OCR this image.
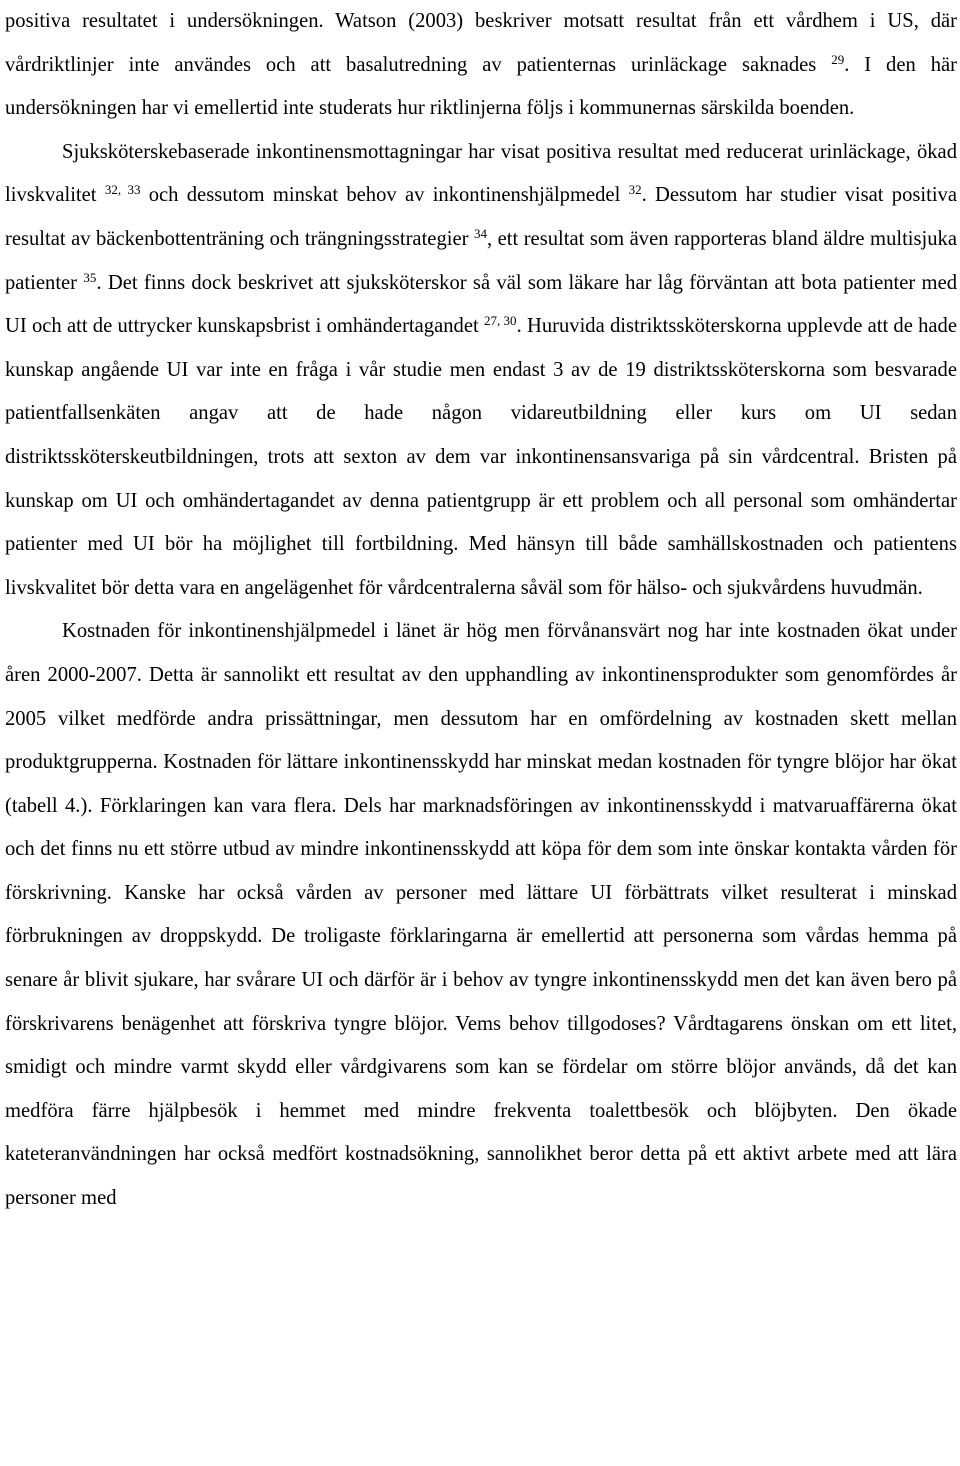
positiva resultatet i undersökningen. Watson (2003) beskriver motsatt resultat från ett vårdhem i US, där vårdriktlinjer inte användes och att basalutredning av patienternas urinläckage saknades $^{29}$. I den här undersökningen har vi emellertid inte studerats hur riktlinjerna följs i kommunernas särskilda boenden.

Sjuksköterskebaserade inkontinensmottagningar har visat positiva resultat med reducerat urinläckage, ökad livskvalitet $^{32, 33}$ och dessutom minskat behov av inkontinenshjälpmedel $^{32}$. Dessutom har studier visat positiva resultat av bäckenbottenträning och trängningsstrategier $^{34}$, ett resultat som även rapporteras bland äldre multisjuka patienter $^{35}$. Det finns dock beskrivet att sjuksköterskor så väl som läkare har låg förväntan att bota patienter med UI och att de uttrycker kunskapsbrist i omhändertagandet $^{27, 30}$. Huruvida distriktssköterskorna upplevde att de hade kunskap angående UI var inte en fråga i vår studie men endast 3 av de 19 distriktssköterskorna som besvarade patientfallsenkäten angav att de hade någon vidareutbildning eller kurs om UI sedan distriktssköterskeutbildningen, trots att sexton av dem var inkontinensansvariga på sin vårdcentral. Bristen på kunskap om UI och omhändertagandet av denna patientgrupp är ett problem och all personal som omhändertar patienter med UI bör ha möjlighet till fortbildning. Med hänsyn till både samhällskostnaden och patientens livskvalitet bör detta vara en angelägenhet för vårdcentralerna såväl som för hälso- och sjukvårdens huvudmän.

Kostnaden för inkontinenshjälpmedel i länet är hög men förvånansvärt nog har inte kostnaden ökat under åren 2000-2007. Detta är sannolikt ett resultat av den upphandling av inkontinensprodukter som genomfördes år 2005 vilket medförde andra prissättningar, men dessutom har en omfördelning av kostnaden skett mellan produktgrupperna. Kostnaden för lättare inkontinensskydd har minskat medan kostnaden för tyngre blöjor har ökat (tabell 4.). Förklaringen kan vara flera. Dels har marknadsföringen av inkontinensskydd i matvaruaffärerna ökat och det finns nu ett större utbud av mindre inkontinensskydd att köpa för dem som inte önskar kontakta vården för förskrivning. Kanske har också vården av personer med lättare UI förbättrats vilket resulterat i minskad förbrukningen av droppskydd. De troligaste förklaringarna är emellertid att personerna som vårdas hemma på senare år blivit sjukare, har svårare UI och därför är i behov av tyngre inkontinensskydd men det kan även bero på förskrivarens benägenhet att förskriva tyngre blöjor. Vems behov tillgodoses? Vårdtagarens önskan om ett litet, smidigt och mindre varmt skydd eller vårdgivarens som kan se fördelar om större blöjor används, då det kan medföra färre hjälpbesök i hemmet med mindre frekventa toalettbesök och blöjbyten. Den ökade kateteranvändningen har också medfört kostnadsökning, sannolikhet beror detta på ett aktivt arbete med att lära personer med
